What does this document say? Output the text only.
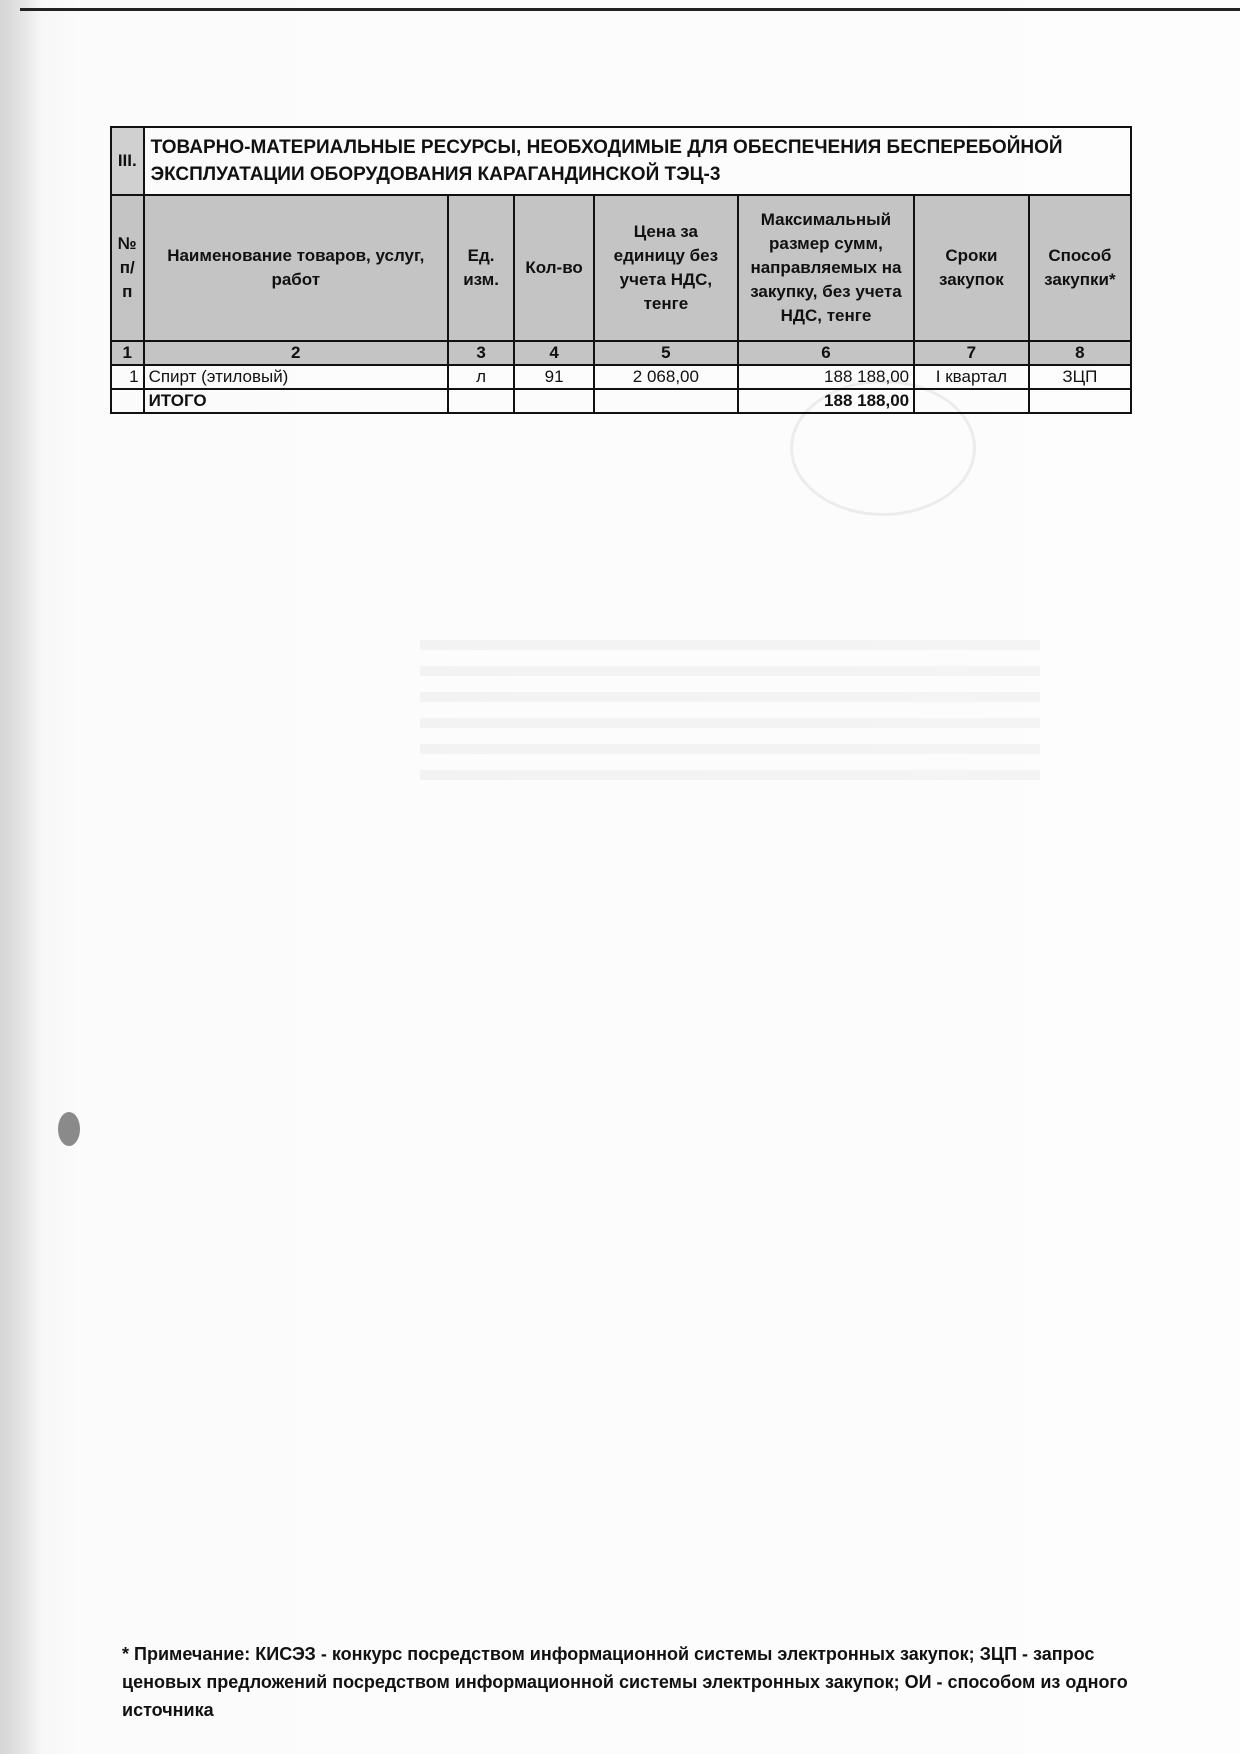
III.	ТОВАРНО-МАТЕРИАЛЬНЫЕ РЕСУРСЫ, НЕОБХОДИМЫЕ ДЛЯ ОБЕСПЕЧЕНИЯ БЕСПЕРЕБОЙНОЙ ЭКСПЛУАТАЦИИ ОБОРУДОВАНИЯ КАРАГАНДИНСКОЙ ТЭЦ-3						
№ п/п	Наименование товаров, услуг, работ	Ед. изм.	Кол-во	Цена за единицу без учета НДС, тенге	Максимальный размер сумм, направляемых на закупку, без учета НДС, тенге	Сроки закупок	Способ закупки*
1	2	3	4	5	6	7	8
1	Спирт (этиловый)	л	91	2 068,00	188 188,00	I квартал	ЗЦП
	ИТОГО				188 188,00		
* Примечание: КИСЭЗ - конкурс посредством информационной системы электронных закупок; ЗЦП - запрос ценовых предложений посредством информационной системы электронных закупок; ОИ - способом из одного источника
